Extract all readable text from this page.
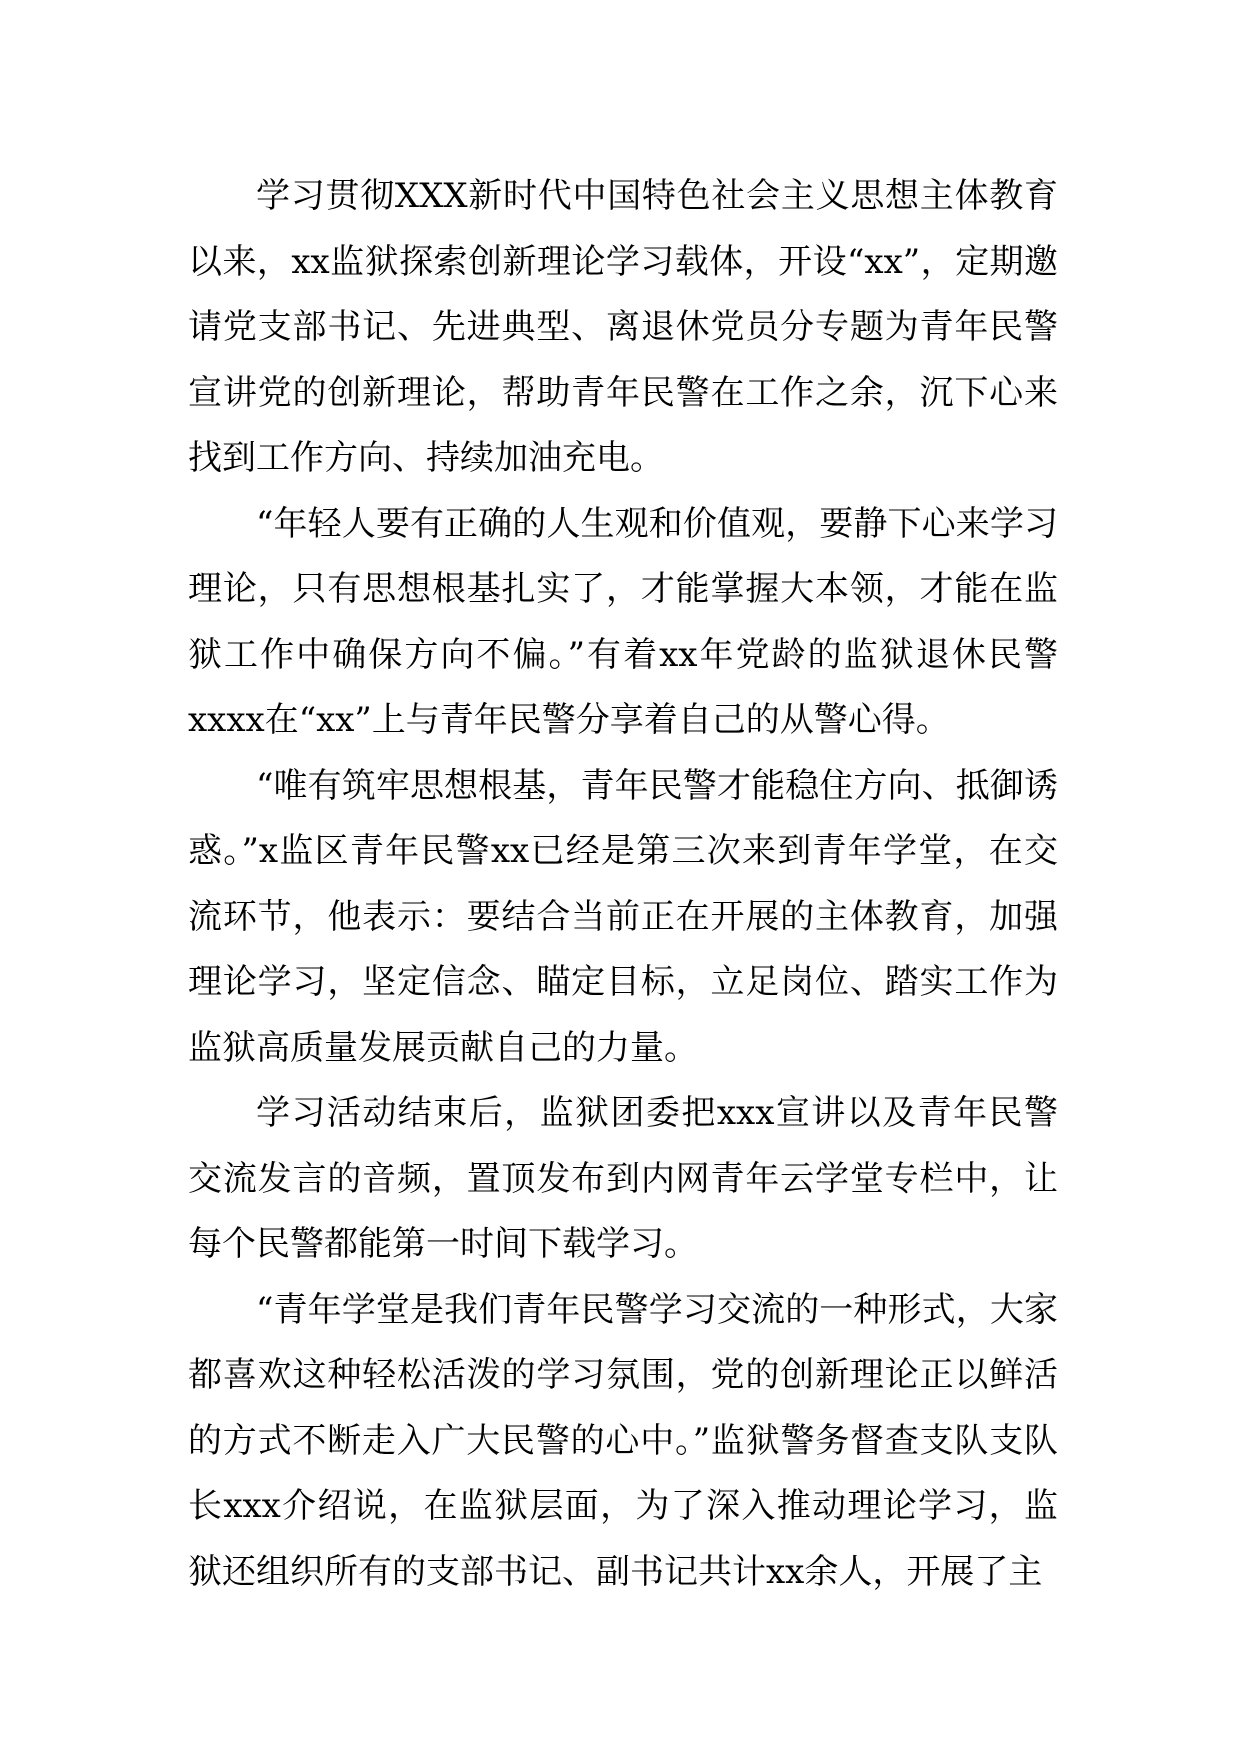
学习贯彻XXX新时代中国特色社会主义思想主体教育以来，xx监狱探索创新理论学习载体，开设“xx”，定期邀请党支部书记、先进典型、离退休党员分专题为青年民警宣讲党的创新理论，帮助青年民警在工作之余，沉下心来找到工作方向、持续加油充电。

“年轻人要有正确的人生观和价值观，要静下心来学习理论，只有思想根基扎实了，才能掌握大本领，才能在监狱工作中确保方向不偏。”有着xx年党龄的监狱退休民警xxxx在“xx”上与青年民警分享着自己的从警心得。

“唯有筑牢思想根基，青年民警才能稳住方向、抵御诱惑。”x监区青年民警xx已经是第三次来到青年学堂，在交流环节，他表示：要结合当前正在开展的主体教育，加强理论学习，坚定信念、瞄定目标，立足岗位、踏实工作为监狱高质量发展贡献自己的力量。

学习活动结束后，监狱团委把xxx宣讲以及青年民警交流发言的音频，置顶发布到内网青年云学堂专栏中，让每个民警都能第一时间下载学习。

“青年学堂是我们青年民警学习交流的一种形式，大家都喜欢这种轻松活泼的学习氛围，党的创新理论正以鲜活的方式不断走入广大民警的心中。”监狱警务督查支队支队长xxx介绍说，在监狱层面，为了深入推动理论学习，监狱还组织所有的支部书记、副书记共计xx余人，开展了主
